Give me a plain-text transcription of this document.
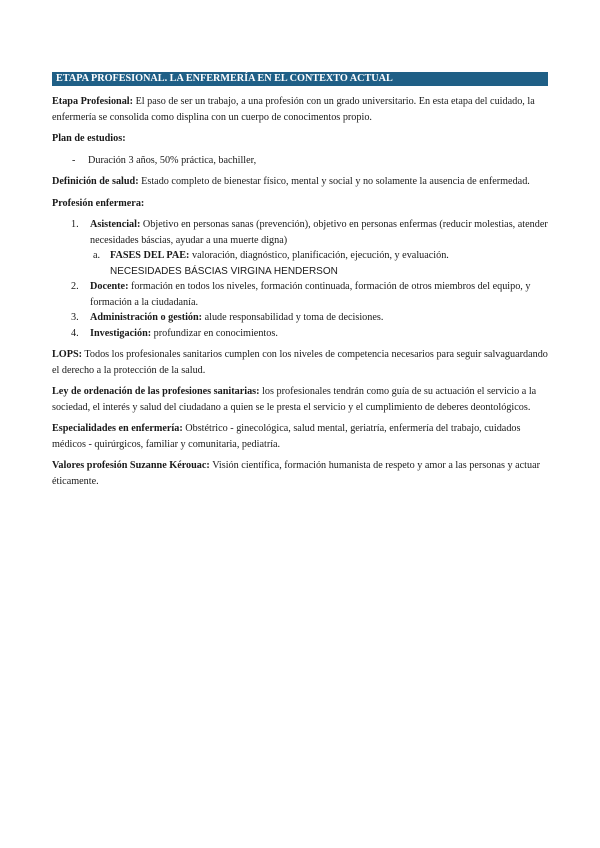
ETAPA PROFESIONAL. LA ENFERMERÍA EN EL CONTEXTO ACTUAL

Etapa Profesional: El paso de ser un trabajo, a una profesión con un grado universitario. En esta etapa del cuidado, la enfermería se consolida como displina con un cuerpo de conocimentos propio.

Plan de estudios:
- Duración 3 años, 50% práctica, bachiller,

Definición de salud: Estado completo de bienestar físico, mental y social y no solamente la ausencia de enfermedad.

Profesión enfermera:
1. Asistencial: Objetivo en personas sanas (prevención), objetivo en personas enfermas (reducir molestias, atender necesidades báscias, ayudar a una muerte digna)
a. FASES DEL PAE: valoración, diagnóstico, planificación, ejecución, y evaluación.
NECESIDADES BÁSCIAS VIRGINA HENDERSON
2. Docente: formación en todos los niveles, formación continuada, formación de otros miembros del equipo, y formación a la ciudadanía.
3. Administración o gestión: alude responsabilidad y toma de decisiones.
4. Investigación: profundizar en conocimientos.

LOPS: Todos los profesionales sanitarios cumplen con los niveles de competencia necesarios para seguir salvaguardando el derecho a la protección de la salud.

Ley de ordenación de las profesiones sanitarias: los profesionales tendrán como guía de su actuación el servicio a la sociedad, el interés y salud del ciudadano a quien se le presta el servicio y el cumplimiento de deberes deontológicos.

Especialidades en enfermería: Obstétrico - ginecológica, salud mental, geriatría, enfermería del trabajo, cuidados médicos - quirúrgicos, familiar y comunitaria, pediatría.

Valores profesión Suzanne Kérouac: Visión científica, formación humanista de respeto y amor a las personas y actuar éticamente.
